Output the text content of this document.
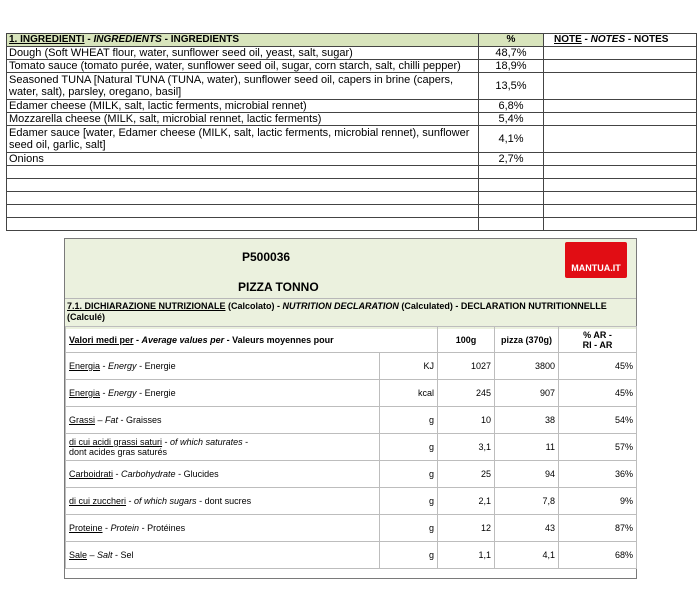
1. INGREDIENTI - INGREDIENTS - INGREDIENTS	%	NOTE - NOTES - NOTES
Dough (Soft WHEAT flour, water, sunflower seed oil, yeast, salt, sugar)	48,7%	
Tomato sauce (tomato purée, water, sunflower seed oil, sugar, corn starch, salt, chilli pepper)	18,9%	
Seasoned TUNA [Natural TUNA (TUNA, water), sunflower seed oil, capers in brine (capers, water, salt), parsley, oregano, basil]	13,5%	
Edamer cheese (MILK, salt, lactic ferments, microbial rennet)	6,8%	
Mozzarella cheese (MILK, salt, microbial rennet, lactic ferments)	5,4%	
Edamer sauce [water, Edamer cheese (MILK, salt, lactic ferments, microbial rennet), sunflower seed oil, garlic, salt]	4,1%	
Onions	2,7%	

P500036
PIZZA TONNO
MANTUA.IT
7.1. DICHIARAZIONE NUTRIZIONALE (Calcolato) - NUTRITION DECLARATION (Calculated) - DECLARATION NUTRITIONNELLE (Calculé)
Valori medi per - Average values per - Valeurs moyennes pour		100g	pizza (370g)	% AR -
RI - AR

Energia - Energy - Energie	KJ	1027	3800	45%
Energia - Energy - Energie	kcal	245	907	45%
Grassi – Fat - Graisses	g	10	38	54%
di cui acidi grassi saturi - of which saturates -
dont acides gras saturés	g	3,1	11	57%
Carboidrati - Carbohydrate - Glucides	g	25	94	36%
di cui zuccheri - of which sugars - dont sucres	g	2,1	7,8	9%
Proteine - Protein - Protéines	g	12	43	87%
Sale – Salt - Sel	g	1,1	4,1	68%
